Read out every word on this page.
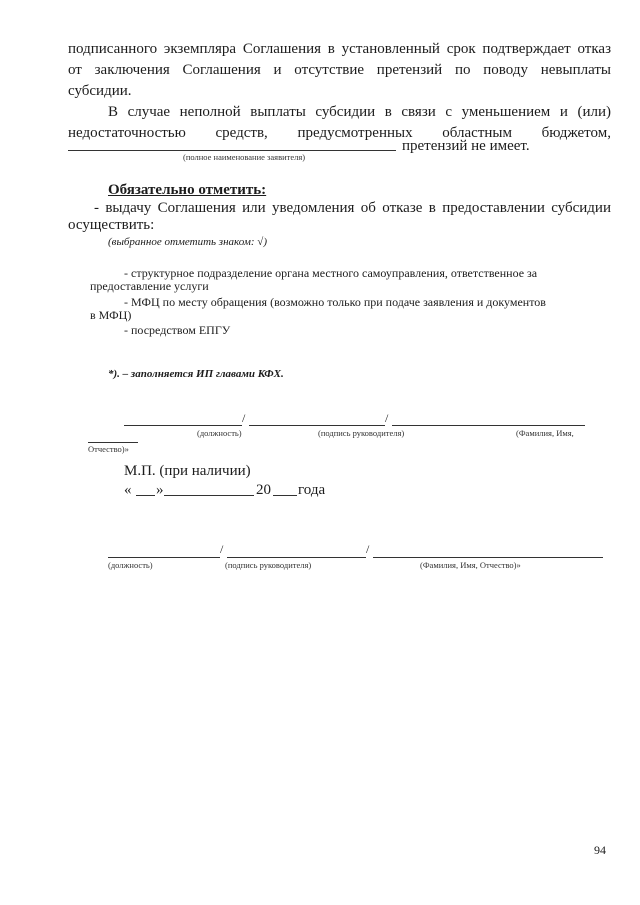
подписанного экземпляра Соглашения в установленный срок подтверждает отказ
от заключения Соглашения и отсутствие претензий по поводу невыплаты
субсидии.
В случае неполной выплаты субсидии в связи с уменьшением и (или)
недостаточностью средств, предусмотренных областным бюджетом,
претензий не имеет.
(полное наименование заявителя)
Обязательно отметить:
- выдачу Соглашения или уведомления об отказе в предоставлении субсидии
осуществить:
(выбранное отметить знаком: √)
- структурное подразделение органа местного самоуправления, ответственное за
предоставление услуги
- МФЦ по месту обращения (возможно только при подаче заявления и документов
в МФЦ)
- посредством ЕПГУ
*). – заполняется ИП главами КФХ.
/	/
(должность)	(подпись руководителя)	(Фамилия, Имя,
Отчество)»
М.П. (при наличии)
« »	20 года
/	/
(должность)	(подпись руководителя)	(Фамилия, Имя, Отчество)»
94
